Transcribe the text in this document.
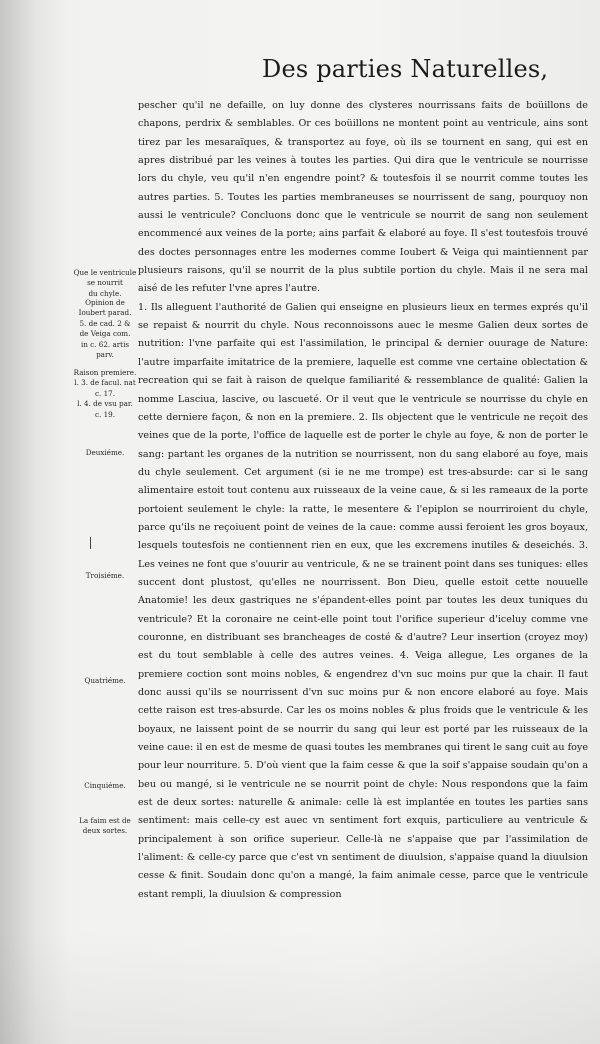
Des parties Naturelles,

pescher qu'il ne defaille, on luy donne des clysteres nourrissans faits de boüillons de chapons, perdrix & semblables. Or ces boüillons ne montent point au ventricule, ains sont tirez par les mesaraïques, & transportez au foye, où ils se tournent en sang, qui est en apres distribué par les veines à toutes les parties. Qui dira que le ventricule se nourrisse lors du chyle, veu qu'il n'en engendre point? & toutesfois il se nourrit comme toutes les autres parties. 5. Toutes les parties membraneuses se nourrissent de sang, pourquoy non aussi le ventricule? Concluons donc que le ventricule se nourrit de sang non seulement encommencé aux veines de la porte; ains parfait & elaboré au foye. Il s'est toutesfois trouvé des doctes personnages entre les modernes comme Ioubert & Veiga qui maintiennent par plusieurs raisons, qu'il se nourrit de la plus subtile portion du chyle. Mais il ne sera mal aisé de les refuter l'vne apres l'autre.

1. Ils alleguent l'authorité de Galien qui enseigne en plusieurs lieux en termes exprés qu'il se repaist & nourrit du chyle. Nous reconnoissons auec le mesme Galien deux sortes de nutrition: l'vne parfaite qui est l'assimilation, le principal & dernier ouurage de Nature: l'autre imparfaite imitatrice de la premiere, laquelle est comme vne certaine oblectation & recreation qui se fait à raison de quelque familiarité & ressemblance de qualité: Galien la nomme Lasciua, lascive, ou lascueté. Or il veut que le ventricule se nourrisse du chyle en cette derniere façon, & non en la premiere. 2. Ils objectent que le ventricule ne reçoit des veines que de la porte, l'office de laquelle est de porter le chyle au foye, & non de porter le sang: partant les organes de la nutrition se nourrissent, non du sang elaboré au foye, mais du chyle seulement. Cet argument (si ie ne me trompe) est tres-absurde: car si le sang alimentaire estoit tout contenu aux ruisseaux de la veine caue, & si les rameaux de la porte portoient seulement le chyle: la ratte, le mesentere & l'epiplon se nourriroient du chyle, parce qu'ils ne reçoiuent point de veines de la caue: comme aussi feroient les gros boyaux, lesquels toutesfois ne contiennent rien en eux, que les excremens inutiles & deseichés. 3. Les veines ne font que s'ouurir au ventricule, & ne se trainent point dans ses tuniques: elles succent dont plustost, qu'elles ne nourrissent. Bon Dieu, quelle estoit cette nouuelle Anatomie! les deux gastriques ne s'épandent-elles point par toutes les deux tuniques du ventricule? Et la coronaire ne ceint-elle point tout l'orifice superieur d'iceluy comme vne couronne, en distribuant ses brancheages de costé & d'autre? Leur insertion (croyez moy) est du tout semblable à celle des autres veines. 4. Veiga allegue, Les organes de la premiere coction sont moins nobles, & engendrez d'vn suc moins pur que la chair. Il faut donc aussi qu'ils se nourrissent d'vn suc moins pur & non encore elaboré au foye. Mais cette raison est tres-absurde. Car les os moins nobles & plus froids que le ventricule & les boyaux, ne laissent point de se nourrir du sang qui leur est porté par les ruisseaux de la veine caue: il en est de mesme de quasi toutes les membranes qui tirent le sang cuit au foye pour leur nourriture. 5. D'où vient que la faim cesse & que la soif s'appaise soudain qu'on a beu ou mangé, si le ventricule ne se nourrit point de chyle: Nous respondons que la faim est de deux sortes: naturelle & animale: celle là est implantée en toutes les parties sans sentiment: mais celle-cy est auec vn sentiment fort exquis, particuliere au ventricule & principalement à son orifice superieur. Celle-là ne s'appaise que par l'assimilation de l'aliment: & celle-cy parce que c'est vn sentiment de diuulsion, s'appaise quand la diuulsion cesse & finit. Soudain donc qu'on a mangé, la faim animale cesse, parce que le ventricule estant rempli, la diuulsion & compression

Que le ventricule se nourrit
du chyle.
Opinion de
Ioubert parad.
5. de cad. 2 &
de Veiga com.
in c. 62. artis
parv.
Raison premiere.
l. 3. de facul. nat
c. 17.
l. 4. de vsu par.
c. 19.
Deuxiéme.
Troisiéme.
Quatriéme.
Cinquiéme.
La faim est de
deux sortes.
